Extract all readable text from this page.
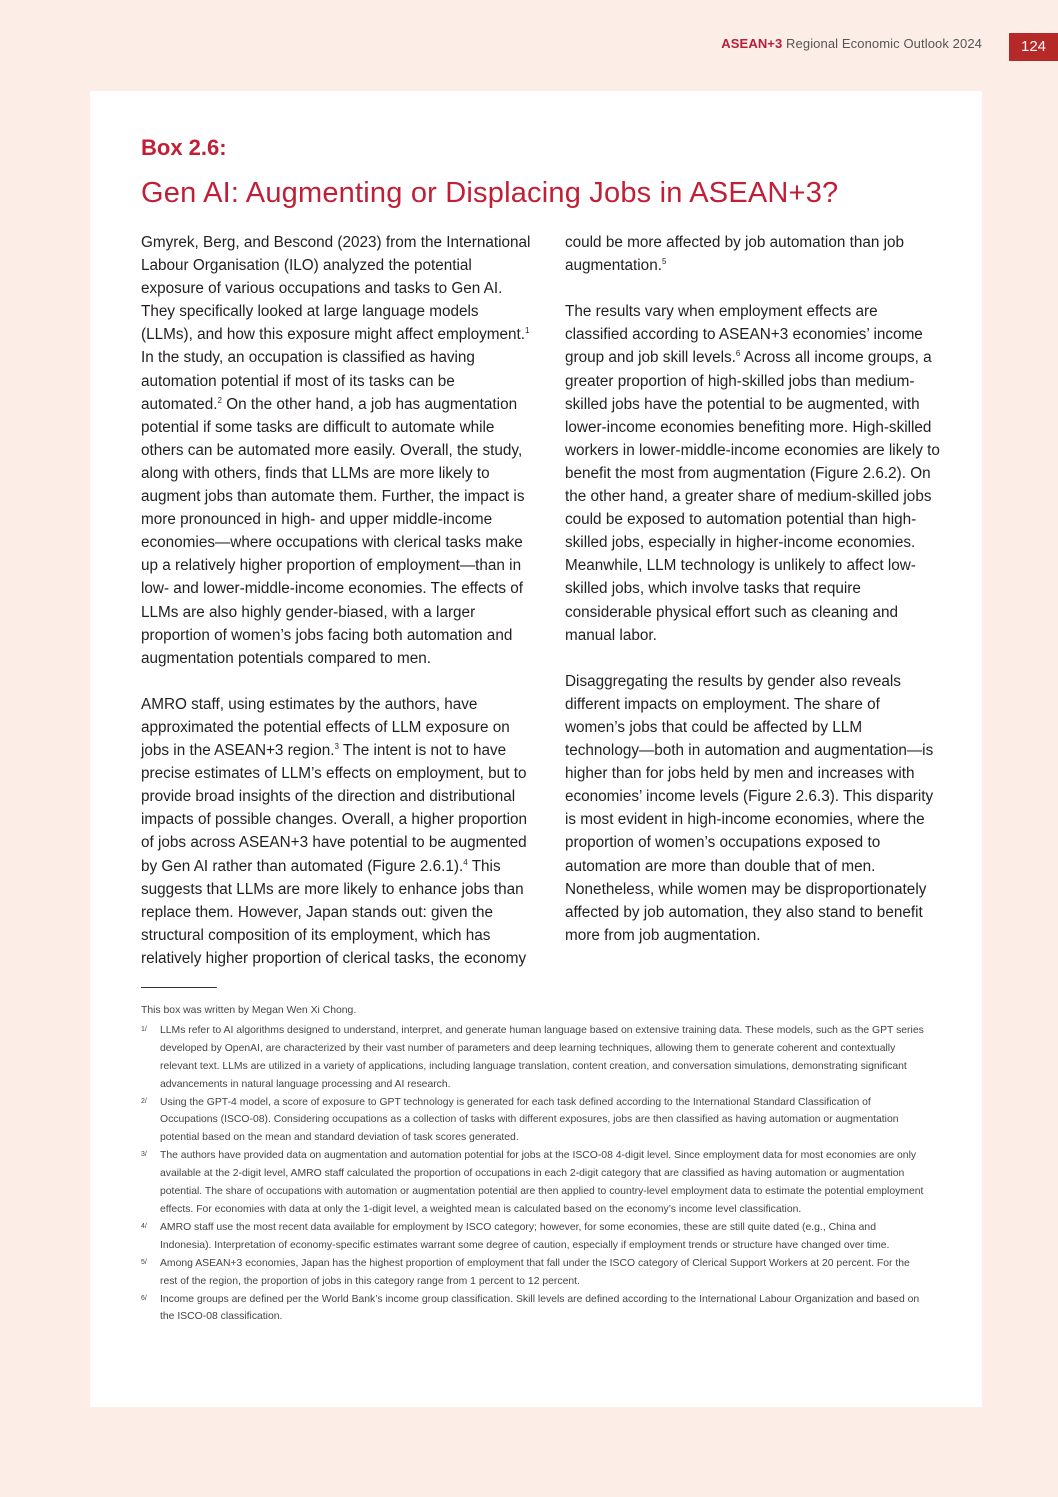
ASEAN+3 Regional Economic Outlook 2024	124
Box 2.6:
Gen AI: Augmenting or Displacing Jobs in ASEAN+3?

Gmyrek, Berg, and Bescond (2023) from the International Labour Organisation (ILO) analyzed the potential exposure of various occupations and tasks to Gen AI. They specifically looked at large language models (LLMs), and how this exposure might affect employment.$^1$ In the study, an occupation is classified as having automation potential if most of its tasks can be automated.$^2$ On the other hand, a job has augmentation potential if some tasks are difficult to automate while others can be automated more easily. Overall, the study, along with others, finds that LLMs are more likely to augment jobs than automate them. Further, the impact is more pronounced in high- and upper middle-income economies—where occupations with clerical tasks make up a relatively higher proportion of employment—than in low- and lower-middle-income economies. The effects of LLMs are also highly gender-biased, with a larger proportion of women’s jobs facing both automation and augmentation potentials compared to men.

AMRO staff, using estimates by the authors, have approximated the potential effects of LLM exposure on jobs in the ASEAN+3 region.$^3$ The intent is not to have precise estimates of LLM’s effects on employment, but to provide broad insights of the direction and distributional impacts of possible changes. Overall, a higher proportion of jobs across ASEAN+3 have potential to be augmented by Gen AI rather than automated (Figure 2.6.1).$^4$ This suggests that LLMs are more likely to enhance jobs than replace them. However, Japan stands out: given the structural composition of its employment, which has relatively higher proportion of clerical tasks, the economy

could be more affected by job automation than job augmentation.$^5$

The results vary when employment effects are classified according to ASEAN+3 economies’ income group and job skill levels.$^6$ Across all income groups, a greater proportion of high-skilled jobs than medium-skilled jobs have the potential to be augmented, with lower-income economies benefiting more. High-skilled workers in lower-middle-income economies are likely to benefit the most from augmentation (Figure 2.6.2). On the other hand, a greater share of medium-skilled jobs could be exposed to automation potential than high-skilled jobs, especially in higher-income economies. Meanwhile, LLM technology is unlikely to affect low-skilled jobs, which involve tasks that require considerable physical effort such as cleaning and manual labor.

Disaggregating the results by gender also reveals different impacts on employment. The share of women’s jobs that could be affected by LLM technology—both in automation and augmentation—is higher than for jobs held by men and increases with economies’ income levels (Figure 2.6.3). This disparity is most evident in high-income economies, where the proportion of women’s occupations exposed to automation are more than double that of men. Nonetheless, while women may be disproportionately affected by job automation, they also stand to benefit more from job augmentation.

This box was written by Megan Wen Xi Chong.
1/ LLMs refer to AI algorithms designed to understand, interpret, and generate human language based on extensive training data. These models, such as the GPT series developed by OpenAI, are characterized by their vast number of parameters and deep learning techniques, allowing them to generate coherent and contextually relevant text. LLMs are utilized in a variety of applications, including language translation, content creation, and conversation simulations, demonstrating significant advancements in natural language processing and AI research.
2/ Using the GPT-4 model, a score of exposure to GPT technology is generated for each task defined according to the International Standard Classification of Occupations (ISCO-08). Considering occupations as a collection of tasks with different exposures, jobs are then classified as having automation or augmentation potential based on the mean and standard deviation of task scores generated.
3/ The authors have provided data on augmentation and automation potential for jobs at the ISCO-08 4-digit level. Since employment data for most economies are only available at the 2-digit level, AMRO staff calculated the proportion of occupations in each 2-digit category that are classified as having automation or augmentation potential. The share of occupations with automation or augmentation potential are then applied to country-level employment data to estimate the potential employment effects. For economies with data at only the 1-digit level, a weighted mean is calculated based on the economy’s income level classification.
4/ AMRO staff use the most recent data available for employment by ISCO category; however, for some economies, these are still quite dated (e.g., China and Indonesia). Interpretation of economy-specific estimates warrant some degree of caution, especially if employment trends or structure have changed over time.
5/ Among ASEAN+3 economies, Japan has the highest proportion of employment that fall under the ISCO category of Clerical Support Workers at 20 percent. For the rest of the region, the proportion of jobs in this category range from 1 percent to 12 percent.
6/ Income groups are defined per the World Bank’s income group classification. Skill levels are defined according to the International Labour Organization and based on the ISCO-08 classification.
